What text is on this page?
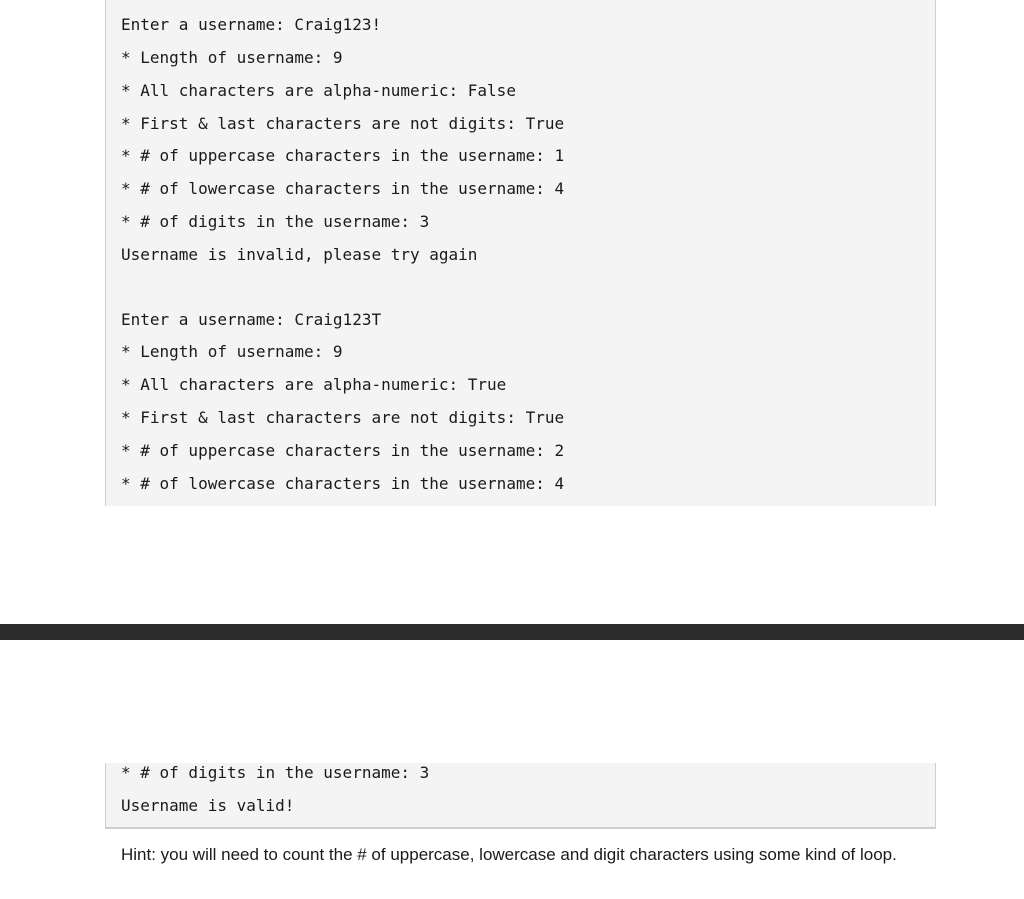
Enter a username: Craig123!
* Length of username: 9
* All characters are alpha-numeric: False
* First & last characters are not digits: True
* # of uppercase characters in the username: 1
* # of lowercase characters in the username: 4
* # of digits in the username: 3
Username is invalid, please try again
Enter a username: Craig123T
* Length of username: 9
* All characters are alpha-numeric: True
* First & last characters are not digits: True
* # of uppercase characters in the username: 2
* # of lowercase characters in the username: 4
* # of digits in the username: 3
Username is valid!

Hint: you will need to count the # of uppercase, lowercase and digit characters using some kind of loop.
